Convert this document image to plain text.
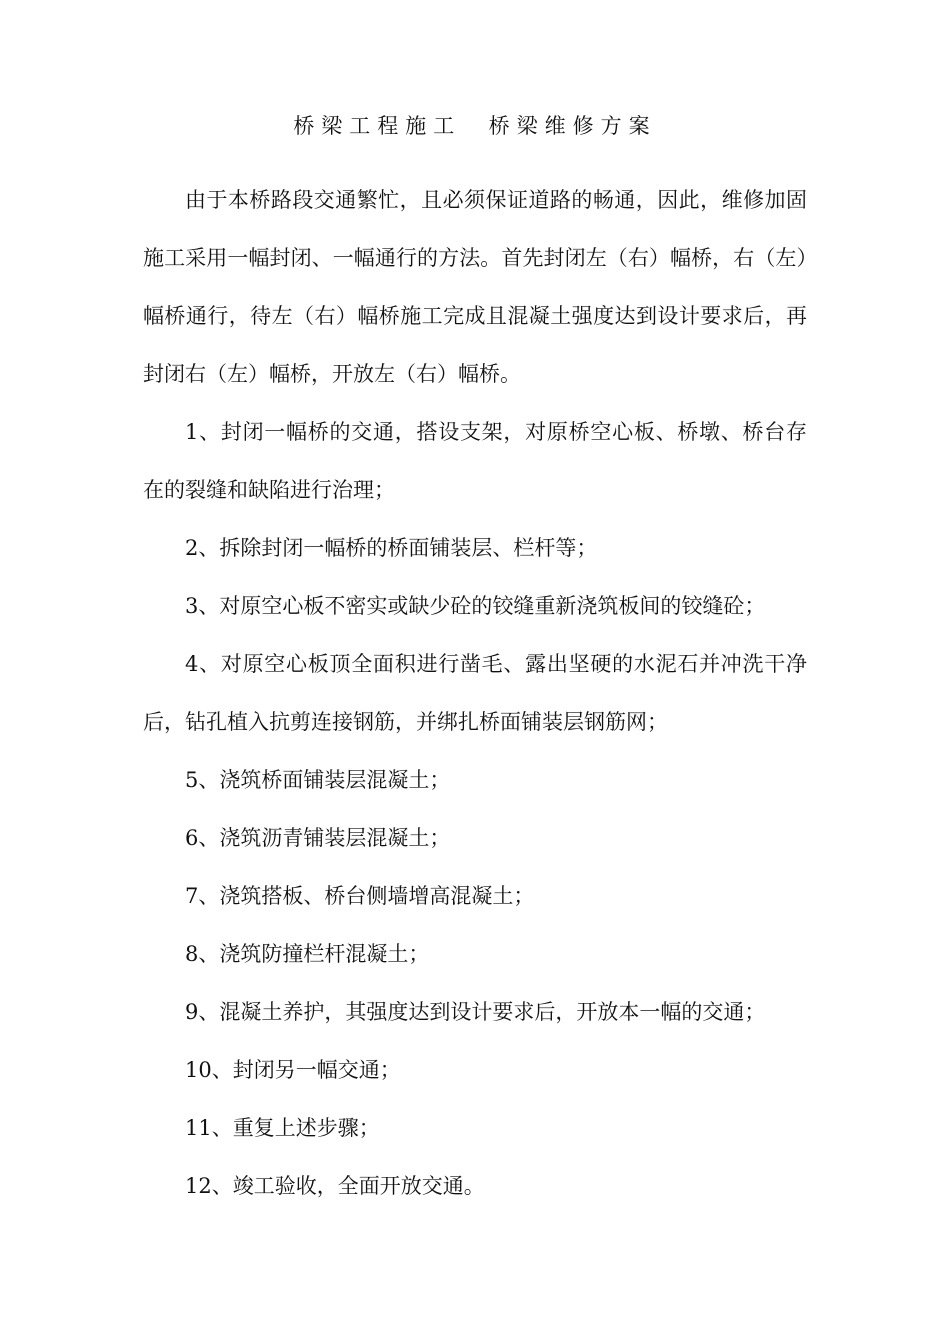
桥梁工程施工  桥梁维修方案

由于本桥路段交通繁忙，且必须保证道路的畅通，因此，维修加固施工采用一幅封闭、一幅通行的方法。首先封闭左（右）幅桥，右（左）幅桥通行，待左（右）幅桥施工完成且混凝土强度达到设计要求后，再封闭右（左）幅桥，开放左（右）幅桥。

1、封闭一幅桥的交通，搭设支架，对原桥空心板、桥墩、桥台存在的裂缝和缺陷进行治理；

2、拆除封闭一幅桥的桥面铺装层、栏杆等；

3、对原空心板不密实或缺少砼的铰缝重新浇筑板间的铰缝砼；

4、对原空心板顶全面积进行凿毛、露出坚硬的水泥石并冲洗干净后，钻孔植入抗剪连接钢筋，并绑扎桥面铺装层钢筋网；

5、浇筑桥面铺装层混凝土；

6、浇筑沥青铺装层混凝土；

7、浇筑搭板、桥台侧墙增高混凝土；

8、浇筑防撞栏杆混凝土；

9、混凝土养护，其强度达到设计要求后，开放本一幅的交通；

10、封闭另一幅交通；

11、重复上述步骤；

12、竣工验收，全面开放交通。
